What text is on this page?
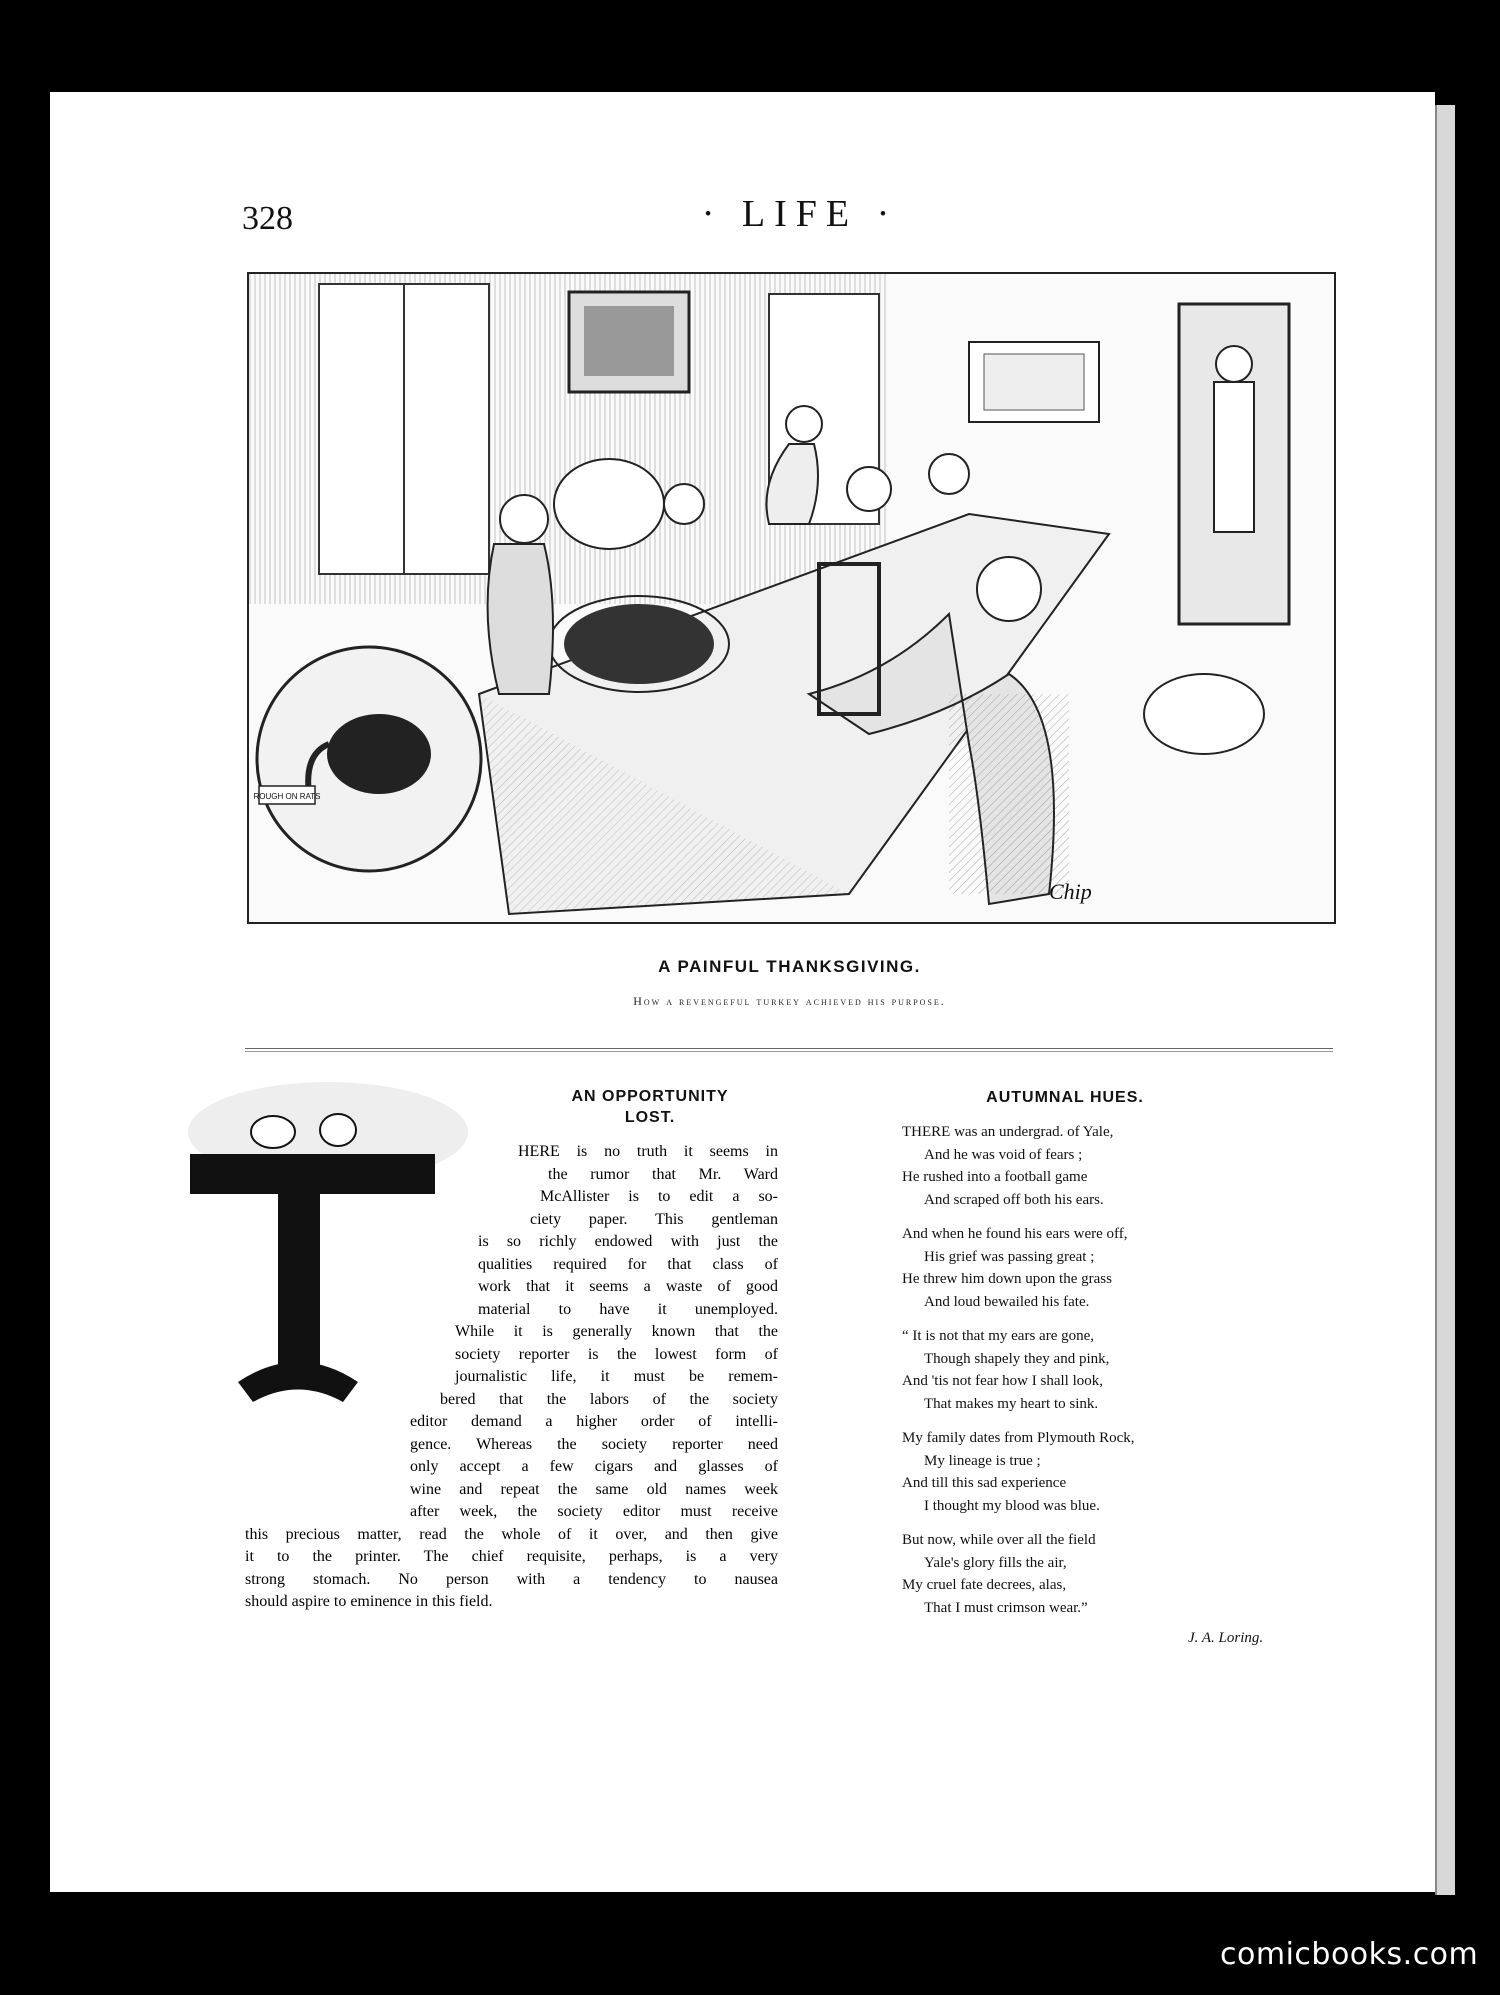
328	· LIFE ·
ROUGH ON RATS
Chip
A PAINFUL THANKSGIVING.
How a revengeful turkey achieved his purpose.
AN OPPORTUNITY
LOST.
AUTUMNAL HUES.
THERE was an undergrad. of Yale,
And he was void of fears ;
He rushed into a football game
And scraped off both his ears.
And when he found his ears were off,
His grief was passing great ;
He threw him down upon the grass
And loud bewailed his fate.
“ It is not that my ears are gone,
Though shapely they and pink,
And 'tis not fear how I shall look,
That makes my heart to sink.
My family dates from Plymouth Rock,
My lineage is true ;
And till this sad experience
I thought my blood was blue.
But now, while over all the field
Yale's glory fills the air,
My cruel fate decrees, alas,
That I must crimson wear.”
J. A. Loring.
comicbooks.com
HERE is no truth it seems in
the rumor that Mr. Ward
McAllister is to edit a so-
ciety paper. This gentleman
is so richly endowed with just the
qualities required for that class of
work that it seems a waste of good
material to have it unemployed.
While it is generally known that the
society reporter is the lowest form of
journalistic life, it must be remem-
bered that the labors of the society
editor demand a higher order of intelli-
gence. Whereas the society reporter need
only accept a few cigars and glasses of
wine and repeat the same old names week
after week, the society editor must receive
this precious matter, read the whole of it over, and then give
it to the printer. The chief requisite, perhaps, is a very
strong stomach. No person with a tendency to nausea
should aspire to eminence in this field.
